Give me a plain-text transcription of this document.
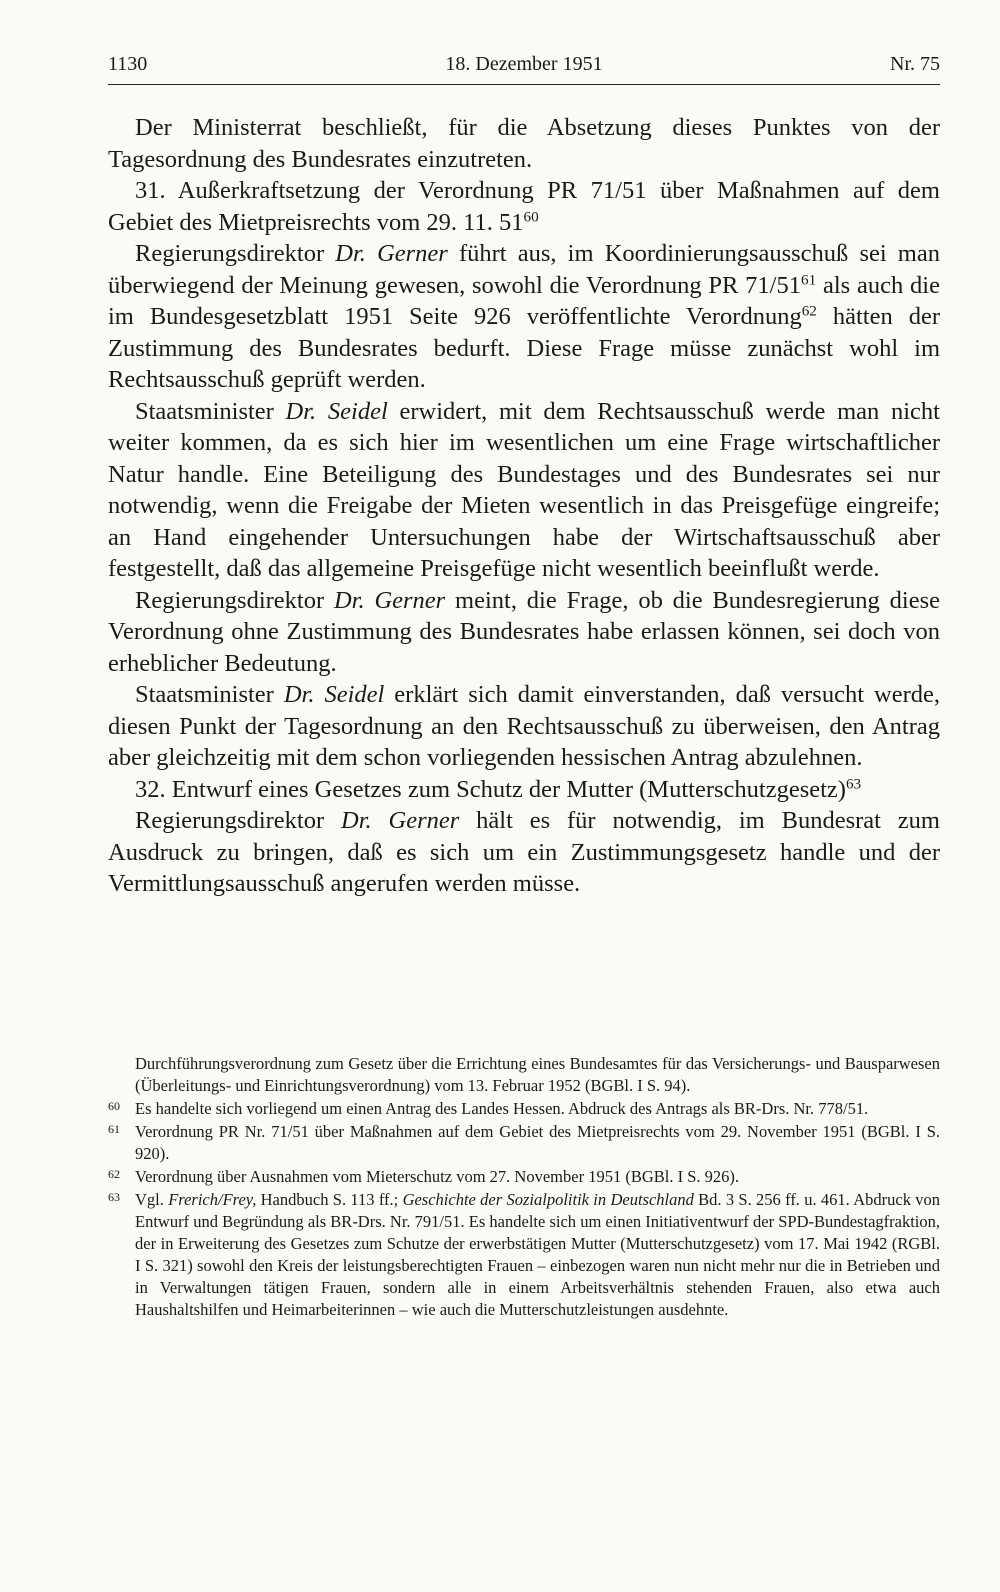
1130	18. Dezember 1951	Nr. 75

Der Ministerrat beschließt, für die Absetzung dieses Punktes von der Tagesordnung des Bundesrates einzutreten.

31. Außerkraftsetzung der Verordnung PR 71/51 über Maßnahmen auf dem Gebiet des Mietpreisrechts vom 29. 11. $51^{60}$

Regierungsdirektor Dr. Gerner führt aus, im Koordinierungsausschuß sei man überwiegend der Meinung gewesen, sowohl die Verordnung PR $71/51^{61}$ als auch die im Bundesgesetzblatt 1951 Seite 926 veröffentlichte Verordnung$^{62}$ hätten der Zustimmung des Bundesrates bedurft. Diese Frage müsse zunächst wohl im Rechtsausschuß geprüft werden.

Staatsminister Dr. Seidel erwidert, mit dem Rechtsausschuß werde man nicht weiter kommen, da es sich hier im wesentlichen um eine Frage wirtschaftlicher Natur handle. Eine Beteiligung des Bundestages und des Bundesrates sei nur notwendig, wenn die Freigabe der Mieten wesentlich in das Preisgefüge eingreife; an Hand eingehender Untersuchungen habe der Wirtschaftsausschuß aber festgestellt, daß das allgemeine Preisgefüge nicht wesentlich beeinflußt werde.

Regierungsdirektor Dr. Gerner meint, die Frage, ob die Bundesregierung diese Verordnung ohne Zustimmung des Bundesrates habe erlassen können, sei doch von erheblicher Bedeutung.

Staatsminister Dr. Seidel erklärt sich damit einverstanden, daß versucht werde, diesen Punkt der Tagesordnung an den Rechtsausschuß zu überweisen, den Antrag aber gleichzeitig mit dem schon vorliegenden hessischen Antrag abzulehnen.

32. Entwurf eines Gesetzes zum Schutz der Mutter (Mutterschutzgesetz)$^{63}$

Regierungsdirektor Dr. Gerner hält es für notwendig, im Bundesrat zum Ausdruck zu bringen, daß es sich um ein Zustimmungsgesetz handle und der Vermittlungsausschuß angerufen werden müsse.

Durchführungsverordnung zum Gesetz über die Errichtung eines Bundesamtes für das Versicherungs- und Bausparwesen (Überleitungs- und Einrichtungsverordnung) vom 13. Februar 1952 (BGBl. I S. 94).
60 Es handelte sich vorliegend um einen Antrag des Landes Hessen. Abdruck des Antrags als BR-Drs. Nr. 778/51.
61 Verordnung PR Nr. 71/51 über Maßnahmen auf dem Gebiet des Mietpreisrechts vom 29. November 1951 (BGBl. I S. 920).
62 Verordnung über Ausnahmen vom Mieterschutz vom 27. November 1951 (BGBl. I S. 926).
63 Vgl. Frerich/Frey, Handbuch S. 113 ff.; Geschichte der Sozialpolitik in Deutschland Bd. 3 S. 256 ff. u. 461. Abdruck von Entwurf und Begründung als BR-Drs. Nr. 791/51. Es handelte sich um einen Initiativentwurf der SPD-Bundestagfraktion, der in Erweiterung des Gesetzes zum Schutze der erwerbstätigen Mutter (Mutterschutzgesetz) vom 17. Mai 1942 (RGBl. I S. 321) sowohl den Kreis der leistungsberechtigten Frauen – einbezogen waren nun nicht mehr nur die in Betrieben und in Verwaltungen tätigen Frauen, sondern alle in einem Arbeitsverhältnis stehenden Frauen, also etwa auch Haushaltshilfen und Heimarbeiterinnen – wie auch die Mutterschutzleistungen ausdehnte.
